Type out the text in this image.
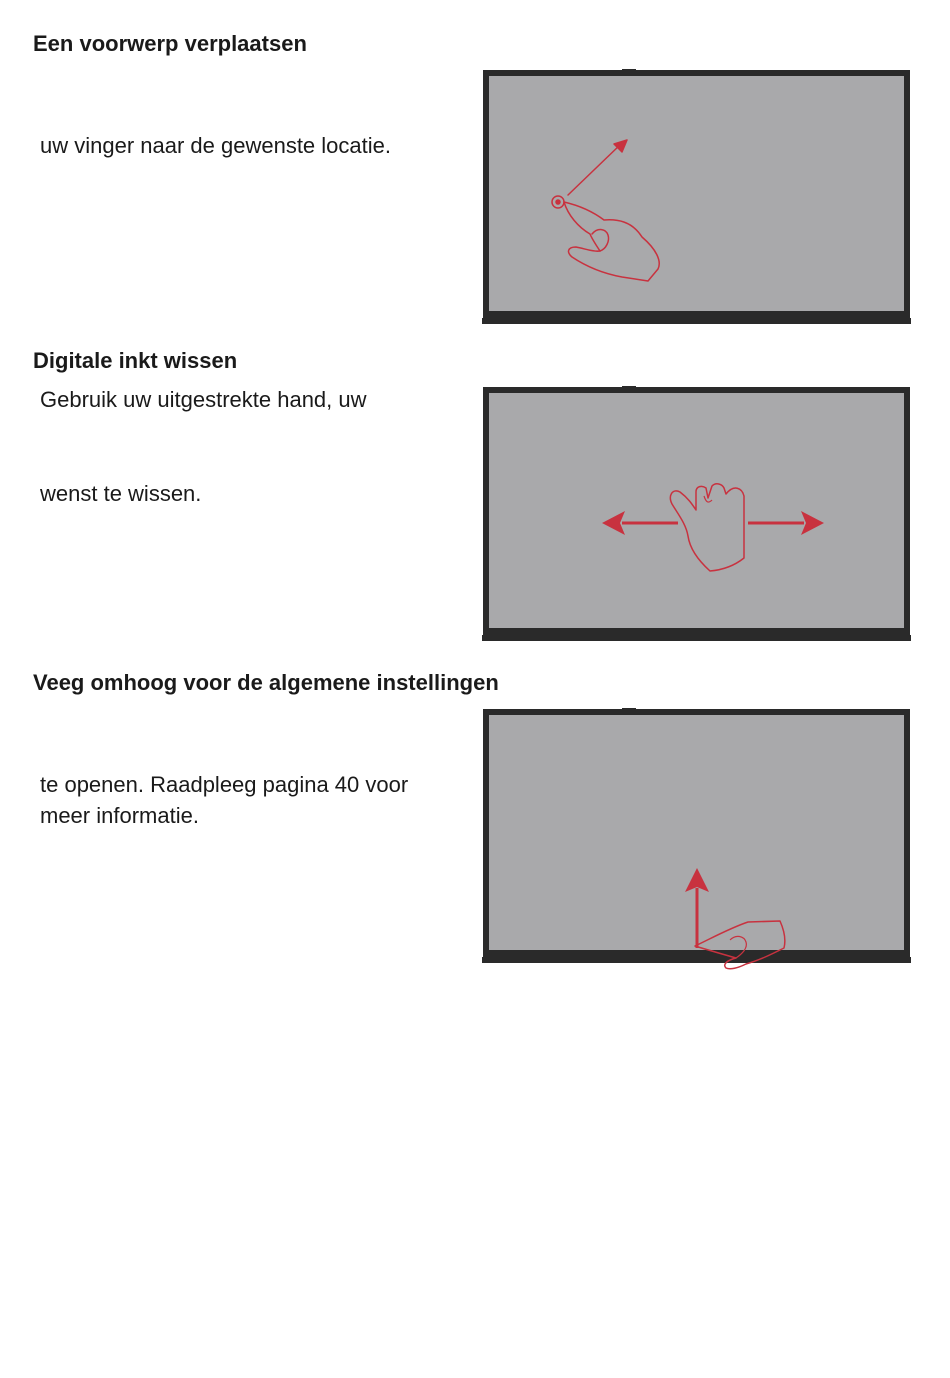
Een voorwerp verplaatsen

uw vinger naar de gewenste locatie.

Digitale inkt wissen

Gebruik uw uitgestrekte hand, uw

wenst te wissen.

Veeg omhoog voor de algemene instellingen

te openen. Raadpleeg pagina 40 voor

meer informatie.
